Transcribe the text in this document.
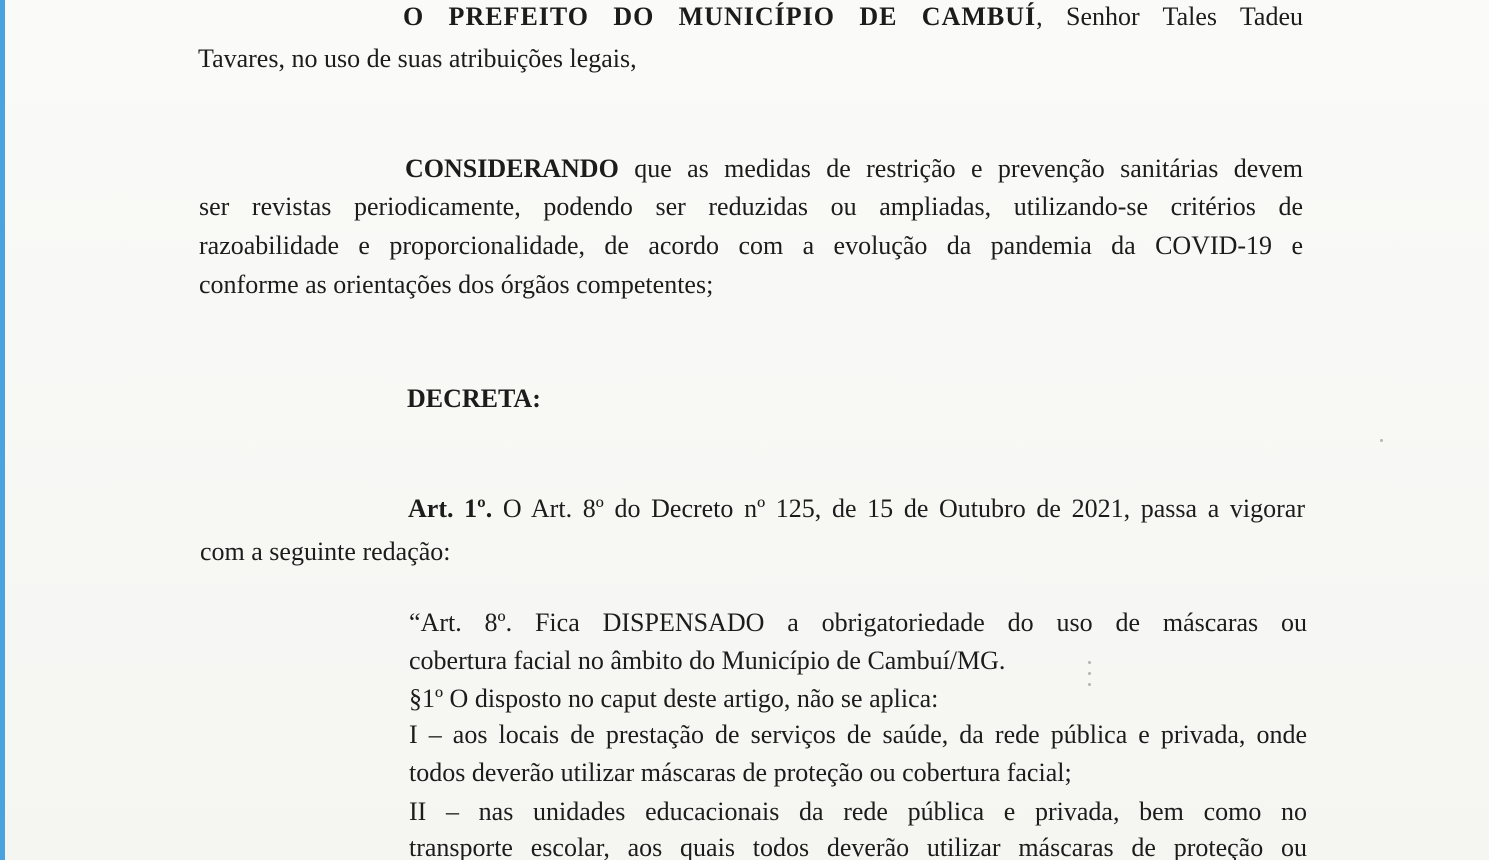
O PREFEITO DO MUNICÍPIO DE CAMBUÍ, Senhor Tales Tadeu
Tavares, no uso de suas atribuições legais,
CONSIDERANDO que as medidas de restrição e prevenção sanitárias devem
ser revistas periodicamente, podendo ser reduzidas ou ampliadas, utilizando-se critérios de
razoabilidade e proporcionalidade, de acordo com a evolução da pandemia da COVID-19 e
conforme as orientações dos órgãos competentes;
DECRETA:
Art. 1º. O Art. 8º do Decreto nº 125, de 15 de Outubro de 2021, passa a vigorar
com a seguinte redação:
“Art. 8º. Fica DISPENSADO a obrigatoriedade do uso de máscaras ou
cobertura facial no âmbito do Município de Cambuí/MG.
§1º O disposto no caput deste artigo, não se aplica:
I – aos locais de prestação de serviços de saúde, da rede pública e privada, onde
todos deverão utilizar máscaras de proteção ou cobertura facial;
II – nas unidades educacionais da rede pública e privada, bem como no
transporte escolar, aos quais todos deverão utilizar máscaras de proteção ou
